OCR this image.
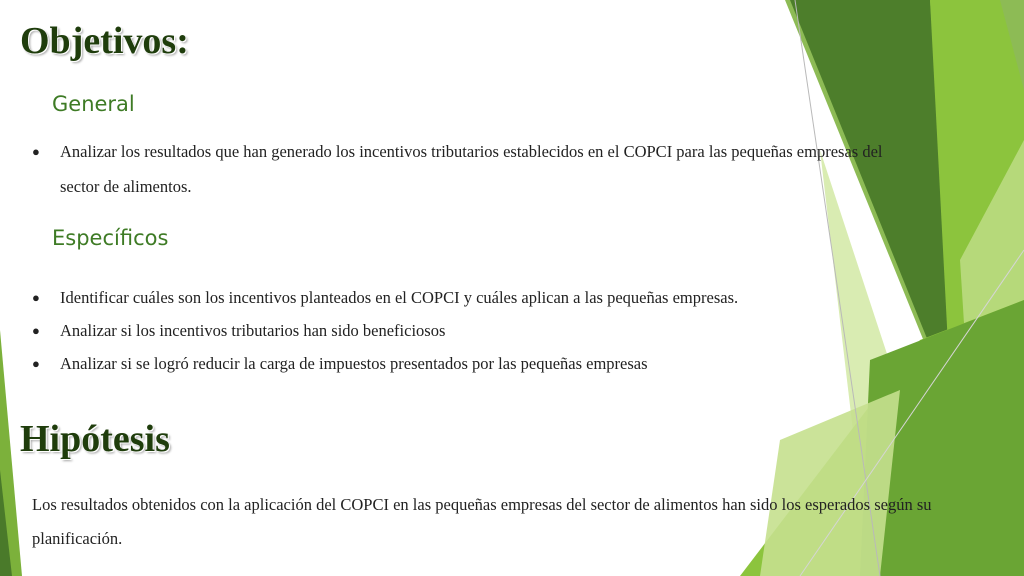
Objetivos:
General
● Analizar los resultados que han generado los incentivos tributarios establecidos en el COPCI para las pequeñas empresas del sector de alimentos.
Específicos
● Identificar cuáles son los incentivos planteados en el COPCI y cuáles aplican a las pequeñas empresas.
● Analizar si los incentivos tributarios han sido beneficiosos
● Analizar si se logró reducir la carga de impuestos presentados por las pequeñas empresas
Hipótesis

Los resultados obtenidos con la aplicación del COPCI en las pequeñas empresas del sector de alimentos han sido los esperados según su planificación.
